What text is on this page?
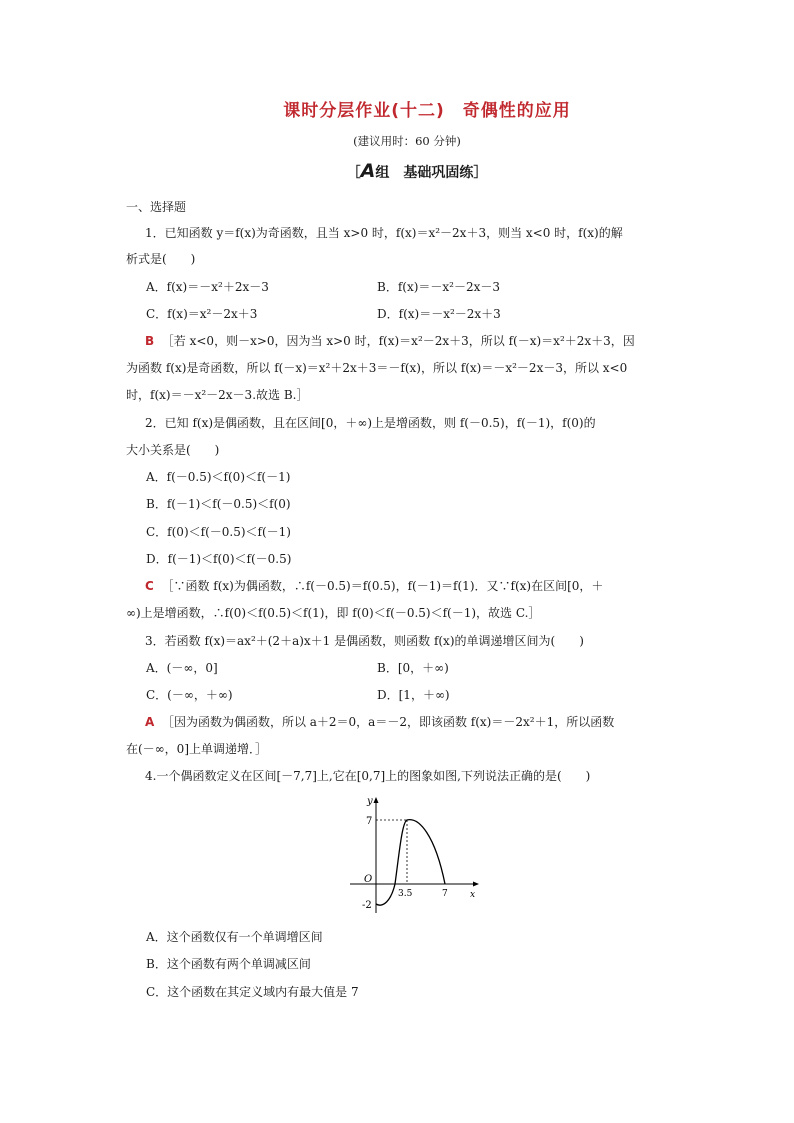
课时分层作业(十二)　奇偶性的应用
(建议用时：60 分钟)
［A组　基础巩固练］
一、选择题
1．已知函数 y＝f(x)为奇函数，且当 x>0 时，f(x)＝x²－2x＋3，则当 x<0 时，f(x)的解
析式是(　　)
A．f(x)＝－x²＋2x－3	B．f(x)＝－x²－2x－3
C．f(x)＝x²－2x＋3	D．f(x)＝－x²－2x＋3
B ［若 x<0，则－x>0，因为当 x>0 时，f(x)＝x²－2x＋3，所以 f(－x)＝x²＋2x＋3，因
为函数 f(x)是奇函数，所以 f(－x)＝x²＋2x＋3＝－f(x)，所以 f(x)＝－x²－2x－3，所以 x<0
时，f(x)＝－x²－2x－3.故选 B.］
2．已知 f(x)是偶函数，且在区间[0，＋∞)上是增函数，则 f(－0.5)，f(－1)，f(0)的
大小关系是(　　)
A．f(－0.5)＜f(0)＜f(－1)
B．f(－1)＜f(－0.5)＜f(0)
C．f(0)＜f(－0.5)＜f(－1)
D．f(－1)＜f(0)＜f(－0.5)
C ［∵函数 f(x)为偶函数，∴f(－0.5)＝f(0.5)，f(－1)＝f(1)．又∵f(x)在区间[0，＋
∞)上是增函数，∴f(0)＜f(0.5)＜f(1)，即 f(0)＜f(－0.5)＜f(－1)，故选 C.］
3．若函数 f(x)＝ax²＋(2＋a)x＋1 是偶函数，则函数 f(x)的单调递增区间为(　　)
A．(－∞，0]	B．[0，＋∞)
C．(－∞，＋∞)	D．[1，＋∞)
A ［因为函数为偶函数，所以 a＋2＝0，a＝－2，即该函数 f(x)＝－2x²＋1，所以函数
在(－∞，0]上单调递增．］
4.一个偶函数定义在区间[－7,7]上,它在[0,7]上的图象如图,下列说法正确的是(　　)
y
x
7
-2
O
3.5	7
A．这个函数仅有一个单调增区间
B．这个函数有两个单调减区间
C．这个函数在其定义域内有最大值是 7
